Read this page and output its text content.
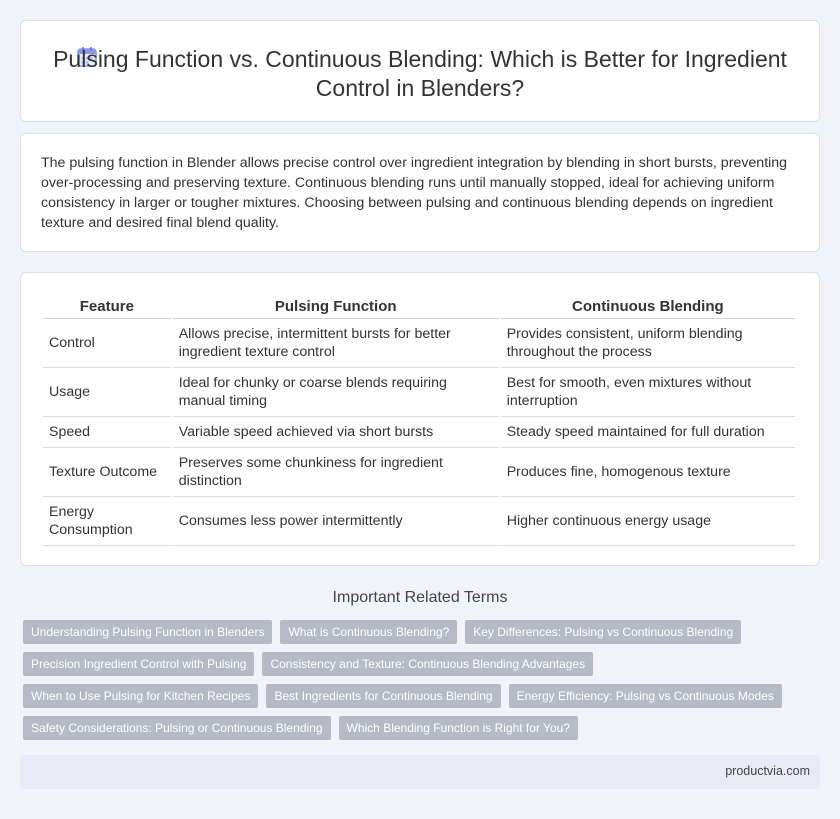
Pulsing Function vs. Continuous Blending: Which is Better for Ingredient Control in Blenders?

The pulsing function in Blender allows precise control over ingredient integration by blending in short bursts, preventing over-processing and preserving texture. Continuous blending runs until manually stopped, ideal for achieving uniform consistency in larger or tougher mixtures. Choosing between pulsing and continuous blending depends on ingredient texture and desired final blend quality.

Feature	Pulsing Function	Continuous Blending
Control	Allows precise, intermittent bursts for better ingredient texture control	Provides consistent, uniform blending throughout the process
Usage	Ideal for chunky or coarse blends requiring manual timing	Best for smooth, even mixtures without interruption
Speed	Variable speed achieved via short bursts	Steady speed maintained for full duration
Texture Outcome	Preserves some chunkiness for ingredient distinction	Produces fine, homogenous texture
Energy Consumption	Consumes less power intermittently	Higher continuous energy usage
Important Related Terms
Understanding Pulsing Function in Blenders	What is Continuous Blending?	Key Differences: Pulsing vs Continuous Blending
Precision Ingredient Control with Pulsing	Consistency and Texture: Continuous Blending Advantages
When to Use Pulsing for Kitchen Recipes	Best Ingredients for Continuous Blending	Energy Efficiency: Pulsing vs Continuous Modes
Safety Considerations: Pulsing or Continuous Blending	Which Blending Function is Right for You?
productvia.com
